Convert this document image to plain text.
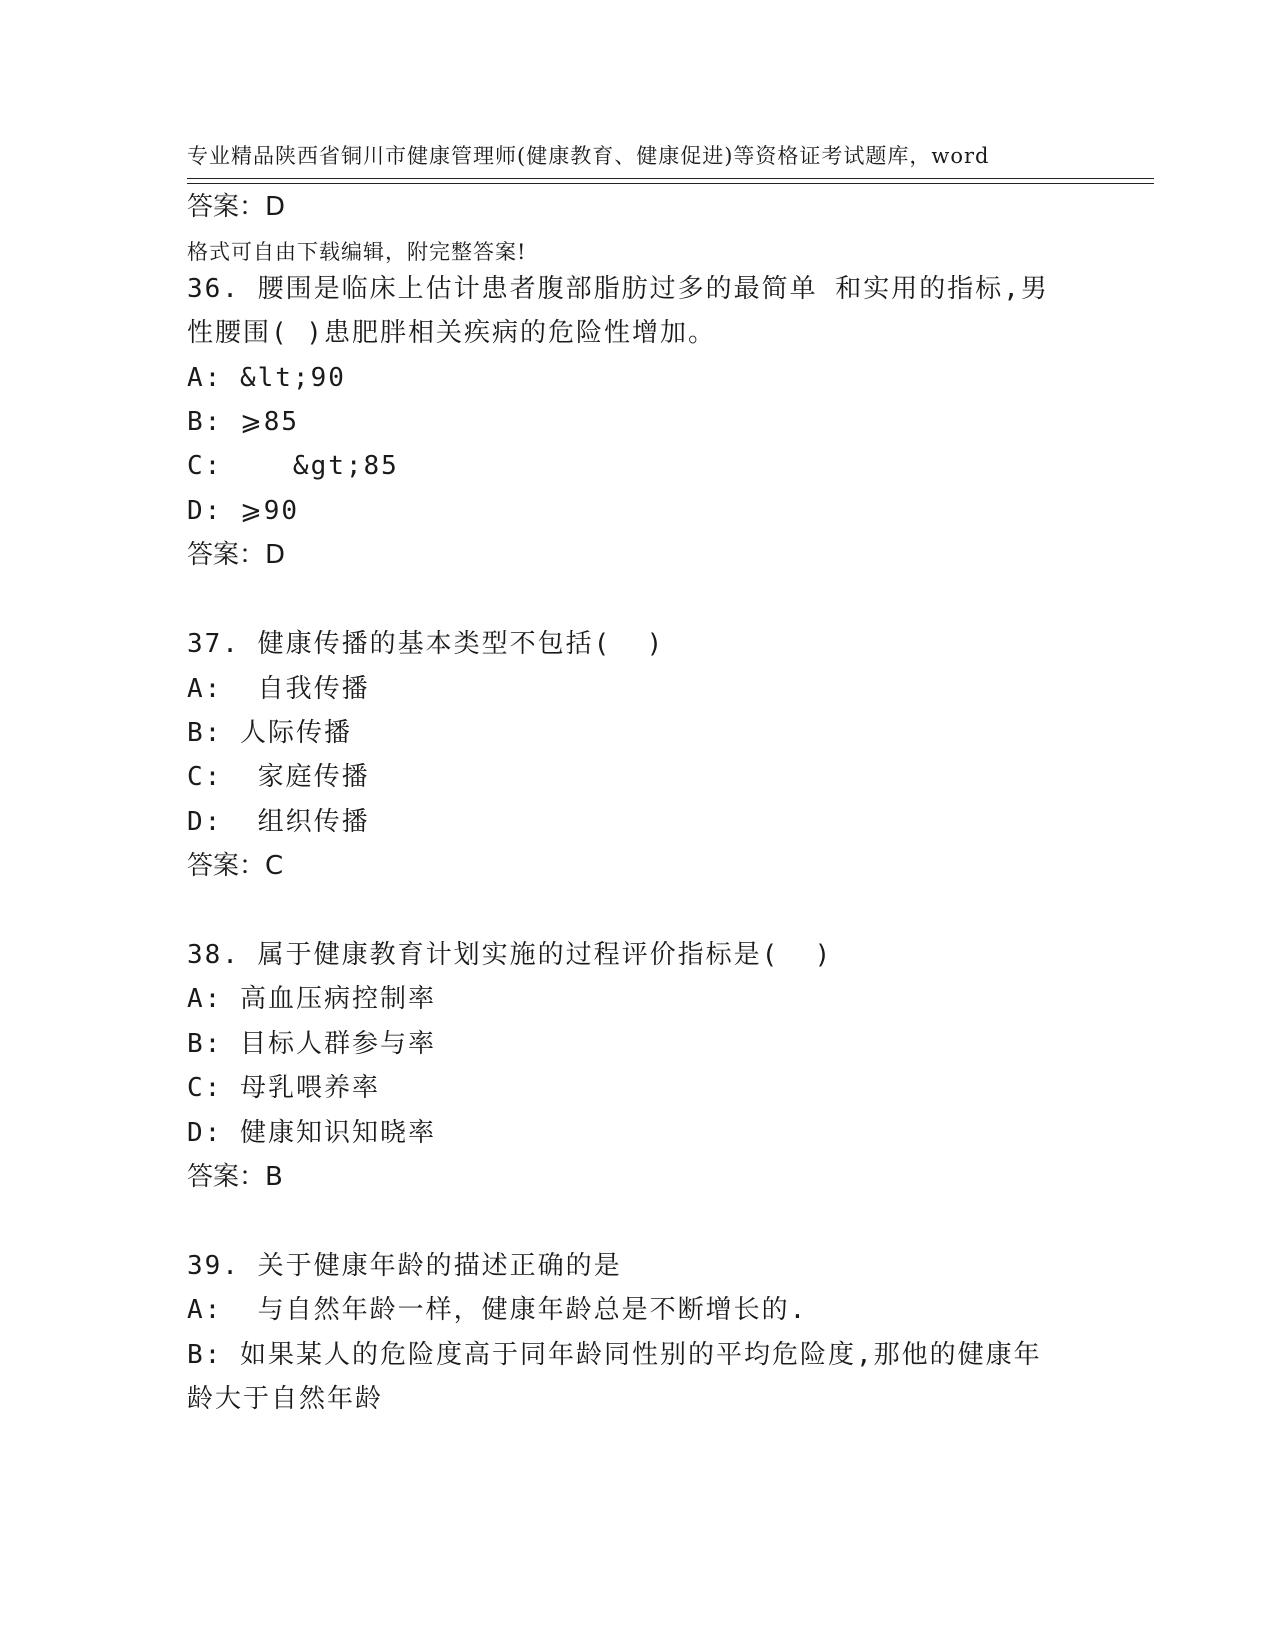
专业精品陕西省铜川市健康管理师(健康教育、健康促进)等资格证考试题库，word

格式可自由下载编辑，附完整答案!

答案：D
36. 腰围是临床上估计患者腹部脂肪过多的最简单 和实用的指标,男
性腰围( )患肥胖相关疾病的危险性增加。
A: &lt;90
B: ⩾85
C:    &gt;85
D: ⩾90
答案：D
37. 健康传播的基本类型不包括(  )
A:  自我传播
B: 人际传播
C:  家庭传播
D:  组织传播
答案：C
38. 属于健康教育计划实施的过程评价指标是(  )
A: 高血压病控制率
B: 目标人群参与率
C: 母乳喂养率
D: 健康知识知晓率
答案：B
39. 关于健康年龄的描述正确的是
A:  与自然年龄一样，健康年龄总是不断增长的.
B: 如果某人的危险度高于同年龄同性别的平均危险度,那他的健康年
龄大于自然年龄
